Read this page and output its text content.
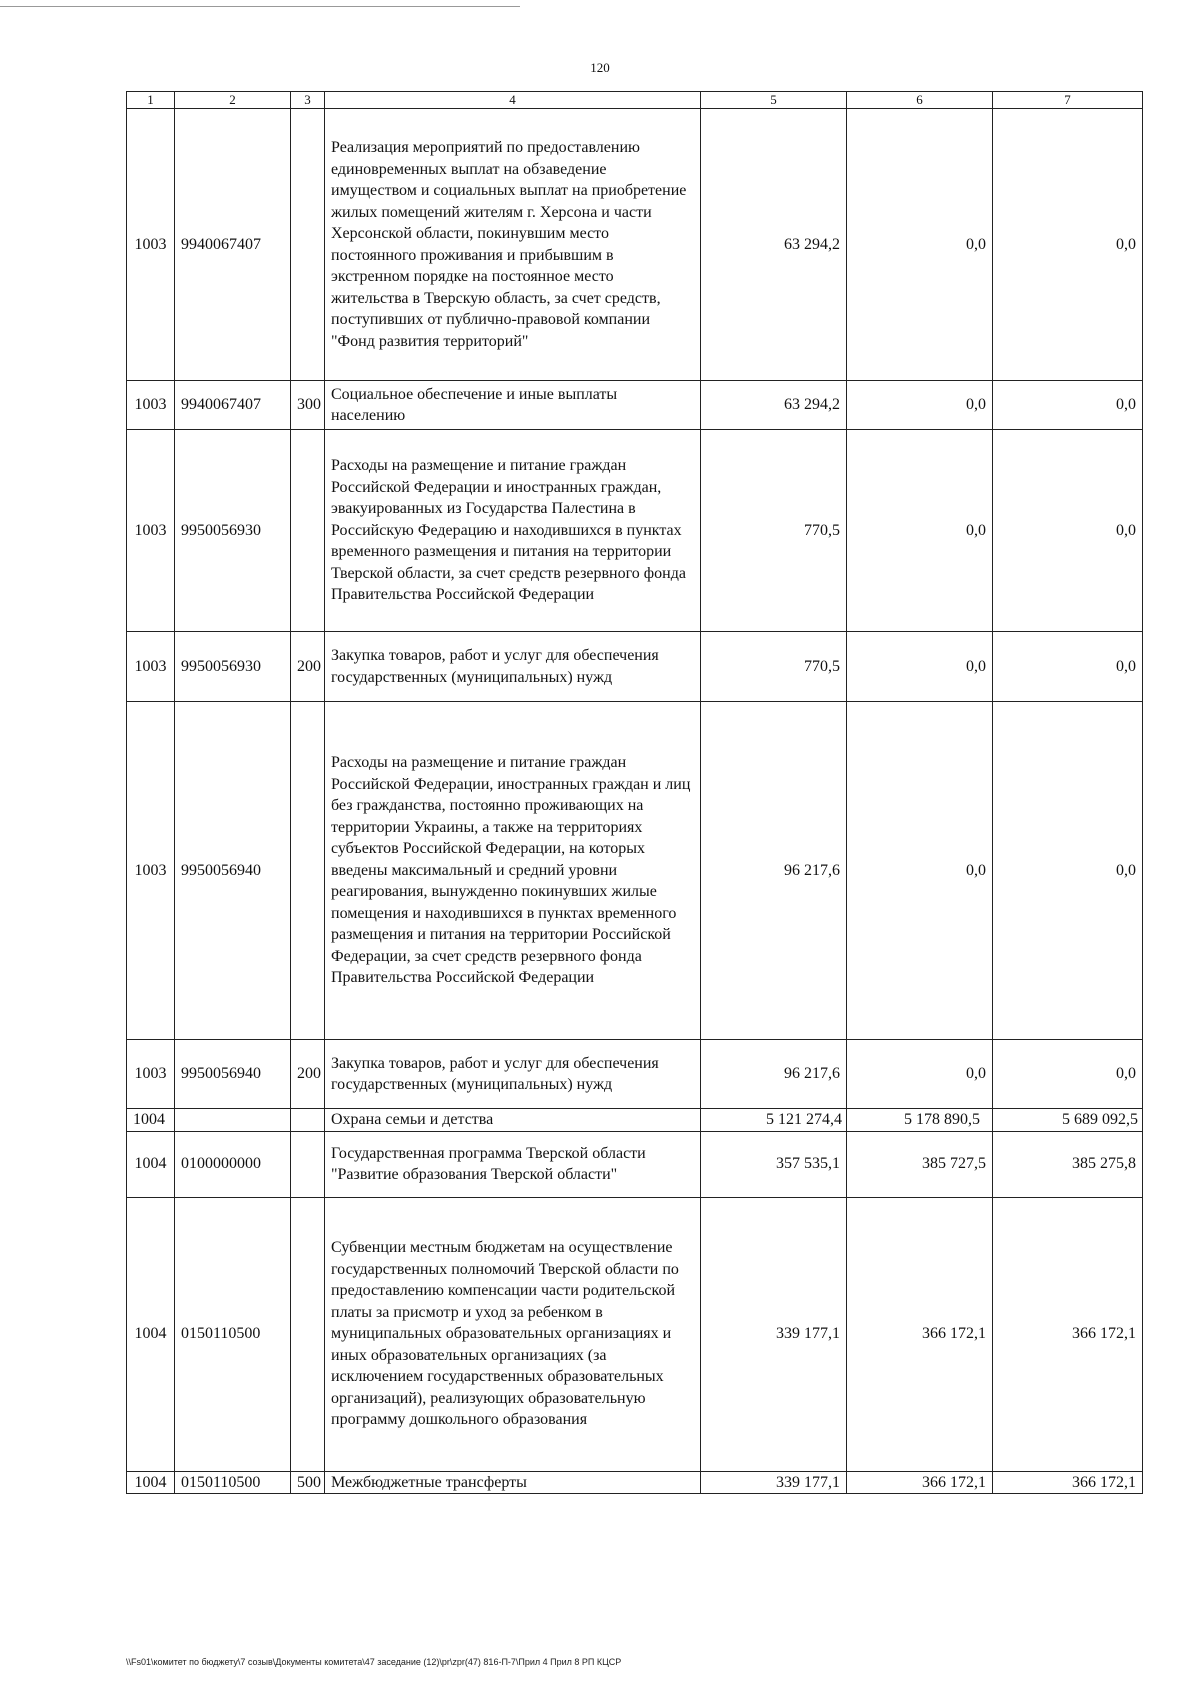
120
1	2	3	4	5	6	7
1003	9940067407		Реализация мероприятий по предоставлению единовременных выплат на обзаведение имуществом и социальных выплат на приобретение жилых помещений жителям г. Херсона и части Херсонской области, покинувшим место постоянного проживания и прибывшим в экстренном порядке на постоянное место жительства в Тверскую область, за счет средств, поступивших от публично-правовой компании "Фонд развития территорий"	63 294,2	0,0	0,0
1003	9940067407	300	Социальное обеспечение и иные выплаты населению	63 294,2	0,0	0,0
1003	9950056930		Расходы на размещение и питание граждан Российской Федерации и иностранных граждан, эвакуированных из Государства Палестина в Российскую Федерацию и находившихся в пунктах временного размещения и питания на территории Тверской области, за счет средств резервного фонда Правительства Российской Федерации	770,5	0,0	0,0
1003	9950056930	200	Закупка товаров, работ и услуг для обеспечения государственных (муниципальных) нужд	770,5	0,0	0,0
1003	9950056940		Расходы на размещение и питание граждан Российской Федерации, иностранных граждан и лиц без гражданства, постоянно проживающих на территории Украины, а также на территориях субъектов Российской Федерации, на которых введены максимальный и средний уровни реагирования, вынужденно покинувших жилые помещения и находившихся в пунктах временного размещения и питания на территории Российской Федерации, за счет средств резервного фонда Правительства Российской Федерации	96 217,6	0,0	0,0
1003	9950056940	200	Закупка товаров, работ и услуг для обеспечения государственных (муниципальных) нужд	96 217,6	0,0	0,0
1004			Охрана семьи и детства	5 121 274,4	5 178 890,5	5 689 092,5
1004	0100000000		Государственная программа Тверской области "Развитие образования Тверской области"	357 535,1	385 727,5	385 275,8
1004	0150110500		Субвенции местным бюджетам на осуществление государственных полномочий Тверской области по предоставлению компенсации части родительской платы за присмотр и уход за ребенком в муниципальных образовательных организациях и иных образовательных организациях (за исключением государственных образовательных организаций), реализующих образовательную программу дошкольного образования	339 177,1	366 172,1	366 172,1
1004	0150110500	500	Межбюджетные трансферты	339 177,1	366 172,1	366 172,1
\\Fs01\комитет по бюджету\7 созыв\Документы комитета\47 заседание (12)\pr\zpr(47) 816-П-7\Прил 4 Прил 8 РП КЦСР
